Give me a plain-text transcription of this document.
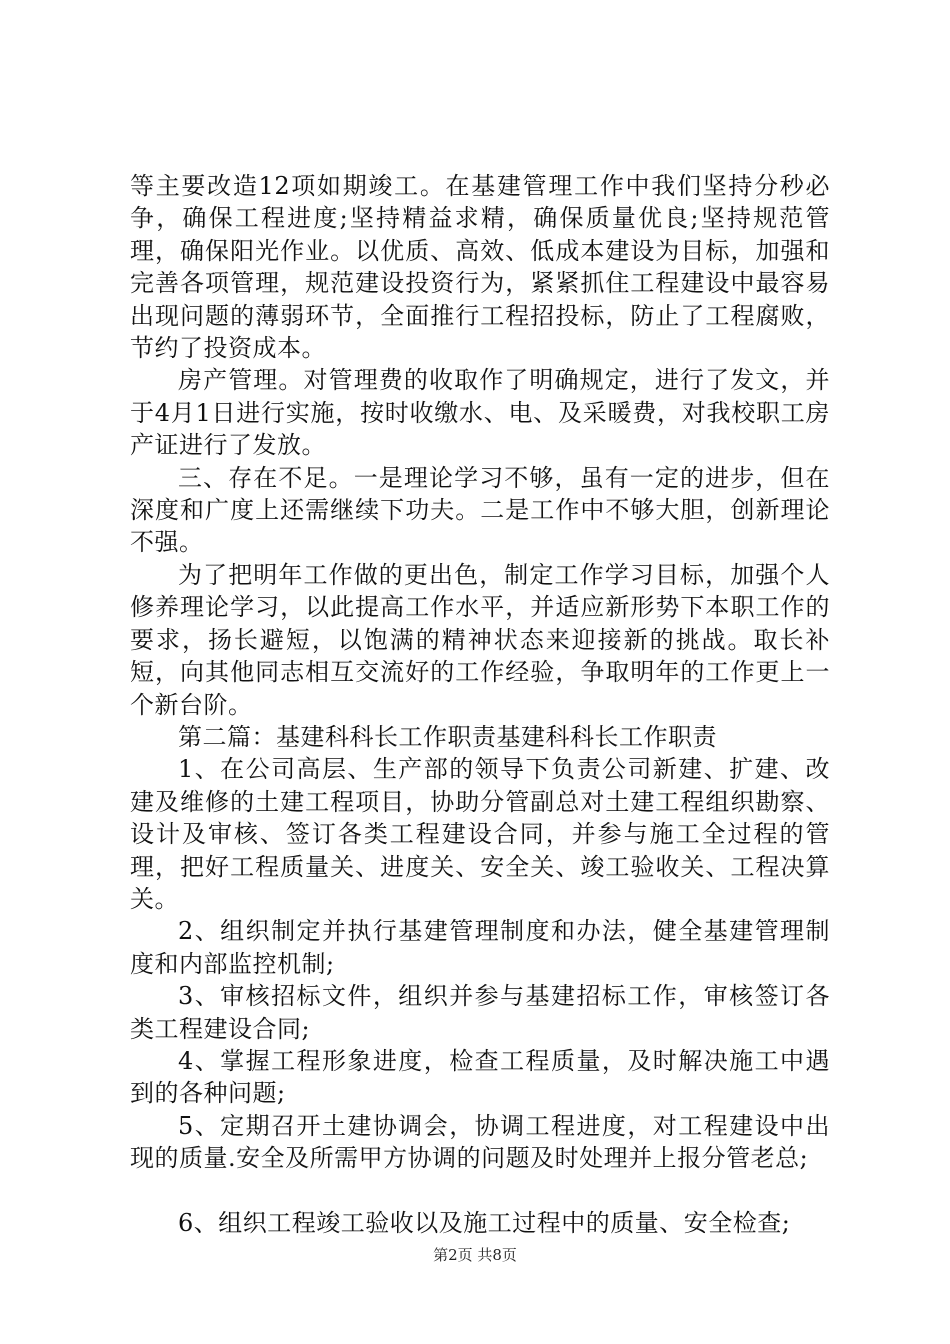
等主要改造12项如期竣工。在基建管理工作中我们坚持分秒必争，确保工程进度;坚持精益求精，确保质量优良;坚持规范管理，确保阳光作业。以优质、高效、低成本建设为目标，加强和完善各项管理，规范建设投资行为，紧紧抓住工程建设中最容易出现问题的薄弱环节，全面推行工程招投标，防止了工程腐败，节约了投资成本。

房产管理。对管理费的收取作了明确规定，进行了发文，并于4月1日进行实施，按时收缴水、电、及采暖费，对我校职工房产证进行了发放。

三、存在不足。一是理论学习不够，虽有一定的进步，但在深度和广度上还需继续下功夫。二是工作中不够大胆，创新理论不强。

为了把明年工作做的更出色，制定工作学习目标，加强个人修养理论学习，以此提高工作水平，并适应新形势下本职工作的要求，扬长避短，以饱满的精神状态来迎接新的挑战。取长补短，向其他同志相互交流好的工作经验，争取明年的工作更上一个新台阶。

第二篇：基建科科长工作职责基建科科长工作职责

1、在公司高层、生产部的领导下负责公司新建、扩建、改建及维修的土建工程项目，协助分管副总对土建工程组织勘察、设计及审核、签订各类工程建设合同，并参与施工全过程的管理，把好工程质量关、进度关、安全关、竣工验收关、工程决算关。

2、组织制定并执行基建管理制度和办法，健全基建管理制度和内部监控机制;

3、审核招标文件，组织并参与基建招标工作，审核签订各类工程建设合同;

4、掌握工程形象进度，检查工程质量，及时解决施工中遇到的各种问题;

5、定期召开土建协调会，协调工程进度，对工程建设中出现的质量.安全及所需甲方协调的问题及时处理并上报分管老总;

6、组织工程竣工验收以及施工过程中的质量、安全检查;

第2页 共8页
